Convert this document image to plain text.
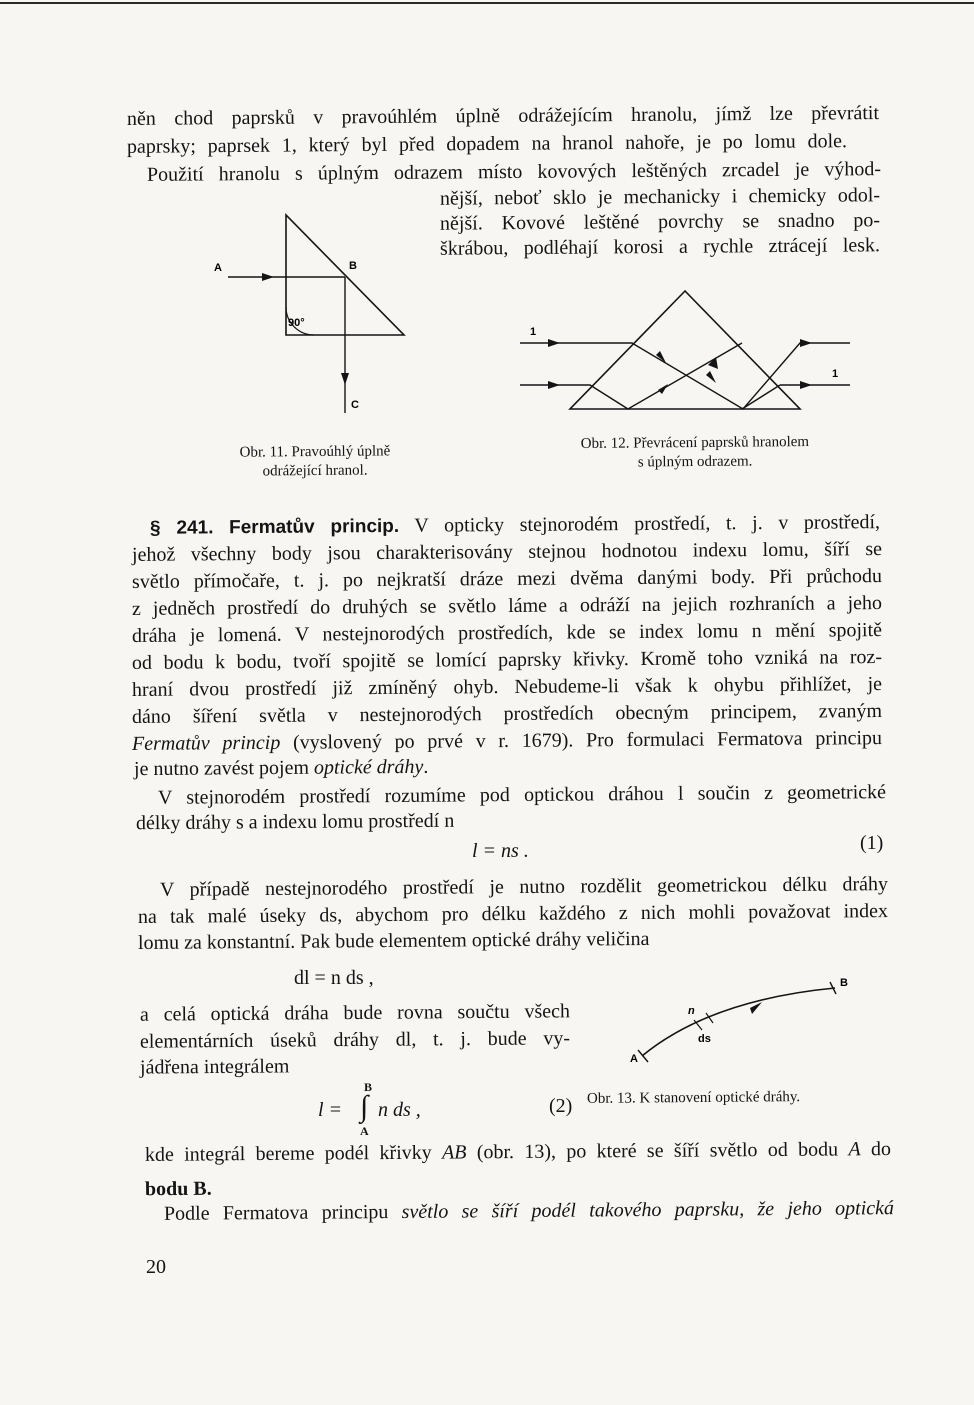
něn chod paprsků v pravoúhlém úplně odrážejícím hranolu, jímž lze převrátit
paprsky; paprsek 1, který byl před dopadem na hranol nahoře, je po lomu dole.
Použití hranolu s úplným odrazem místo kovových leštěných zrcadel je výhod-
nější, neboť sklo je mechanicky i chemicky odol-
nější. Kovové leštěné povrchy se snadno po-
škrábou, podléhají korosi a rychle ztrácejí lesk.
A	B
C
90°
Obr. 11. Pravoúhlý úplně
odrážející hranol.
1
1
Obr. 12. Převrácení paprsků hranolem
s úplným odrazem.
§ 241. Fermatův princip. V opticky stejnorodém prostředí, t. j. v prostředí,
jehož všechny body jsou charakterisovány stejnou hodnotou indexu lomu, šíří se
světlo přímočaře, t. j. po nejkratší dráze mezi dvěma danými body. Při průchodu
z jedněch prostředí do druhých se světlo láme a odráží na jejich rozhraních a jeho
dráha je lomená. V nestejnorodých prostředích, kde se index lomu n mění spojitě
od bodu k bodu, tvoří spojitě se lomící paprsky křivky. Kromě toho vzniká na roz-
hraní dvou prostředí již zmíněný ohyb. Nebudeme-li však k ohybu přihlížet, je
dáno šíření světla v nestejnorodých prostředích obecným principem, zvaným
Fermatův princip (vyslovený po prvé v r. 1679). Pro formulaci Fermatova principu
je nutno zavést pojem optické dráhy.
V stejnorodém prostředí rozumíme pod optickou dráhou l součin z geometrické
délky dráhy s a indexu lomu prostředí n
l = ns .	(1)
V případě nestejnorodého prostředí je nutno rozdělit geometrickou délku dráhy
na tak malé úseky ds, abychom pro délku každého z nich mohli považovat index
lomu za konstantní. Pak bude elementem optické dráhy veličina
dl = n ds ,
a celá optická dráha bude rovna součtu všech
elementárních úseků dráhy dl, t. j. bude vy-
jádřena integrálem
l =
B
∫
A
n ds ,	(2)
A
B
n
ds
Obr. 13. K stanovení optické dráhy.
kde integrál bereme podél křivky AB (obr. 13), po které se šíří světlo od bodu A do
bodu B.
Podle Fermatova principu světlo se šíří podél takového paprsku, že jeho optická
20
